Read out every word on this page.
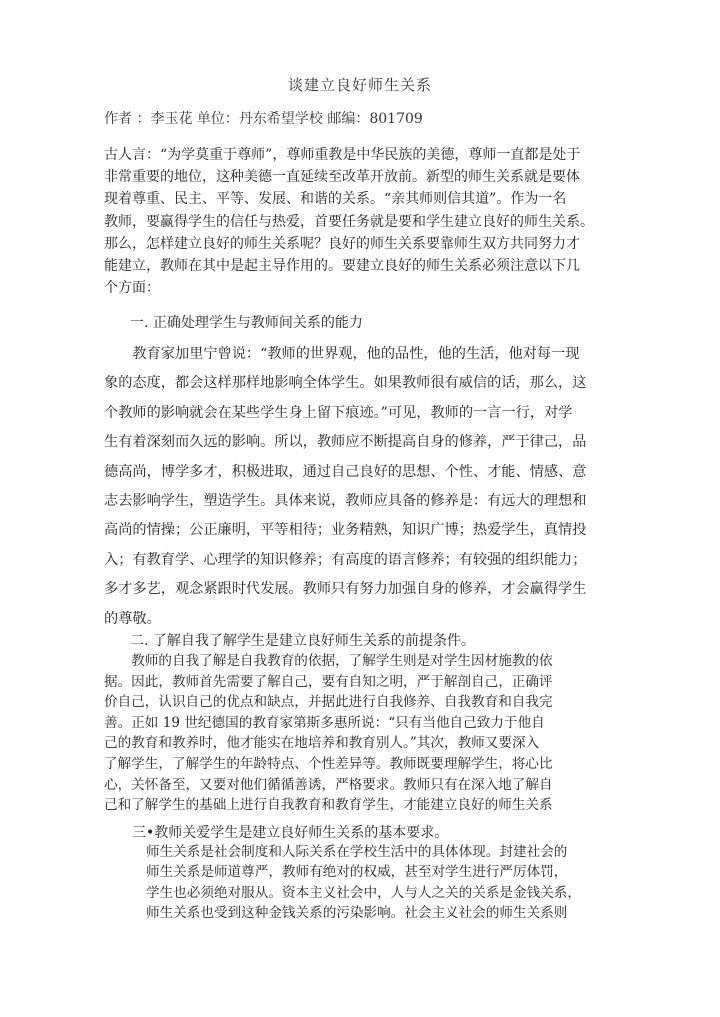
谈建立良好师生关系
作者 ：李玉花 单位：丹东希望学校 邮编：801709
古人言：“为学莫重于尊师”，尊师重教是中华民族的美德，尊师一直都是处于
非常重要的地位，这种美德一直延续至改革开放前。新型的师生关系就是要体
现着尊重、民主、平等、发展、和谐的关系。“亲其师则信其道”。作为一名
教师，要赢得学生的信任与热爱，首要任务就是要和学生建立良好的师生关系。
那么，怎样建立良好的师生关系呢？良好的师生关系要靠师生双方共同努力才
能建立，教师在其中是起主导作用的。要建立良好的师生关系必须注意以下几
个方面：
一. 正确处理学生与教师间关系的能力
　　教育家加里宁曾说：“教师的世界观，他的品性，他的生活，他对每一现
象的态度，都会这样那样地影响全体学生。如果教师很有威信的话，那么，这
个教师的影响就会在某些学生身上留下痕迹。”可见，教师的一言一行，对学
生有着深刻而久远的影响。所以，教师应不断提高自身的修养，严于律己，品
德高尚，博学多才，积极进取，通过自己良好的思想、个性、才能、情感、意
志去影响学生，塑造学生。具体来说，教师应具备的修养是：有远大的理想和
高尚的情操；公正廉明，平等相待；业务精熟，知识广博；热爱学生，真情投
入；有教育学、心理学的知识修养；有高度的语言修养；有较强的组织能力；
多才多艺，观念紧跟时代发展。教师只有努力加强自身的修养，才会赢得学生
的尊敬。
二. 了解自我了解学生是建立良好师生关系的前提条件。
　　教师的自我了解是自我教育的依据，了解学生则是对学生因材施教的依
据。因此，教师首先需要了解自己，要有自知之明，严于解剖自己，正确评
价自己，认识自己的优点和缺点，并据此进行自我修养、自我教育和自我完
善。正如 19 世纪德国的教育家第斯多惠所说：“只有当他自己致力于他自
己的教育和教养时，他才能实在地培养和教育别人。”其次，教师又要深入
了解学生，了解学生的年龄特点、个性差异等。教师既要理解学生，将心比
心，关怀备至，又要对他们循循善诱，严格要求。教师只有在深入地了解自
己和了解学生的基础上进行自我教育和教育学生，才能建立良好的师生关系
三•教师关爱学生是建立良好师生关系的基本要求。
师生关系是社会制度和人际关系在学校生活中的具体体现。封建社会的
师生关系是师道尊严，教师有绝对的权威，甚至对学生进行严厉体罚，
学生也必须绝对服从。资本主义社会中，人与人之关的关系是金钱关系，
师生关系也受到这种金钱关系的污染影响。社会主义社会的师生关系则
